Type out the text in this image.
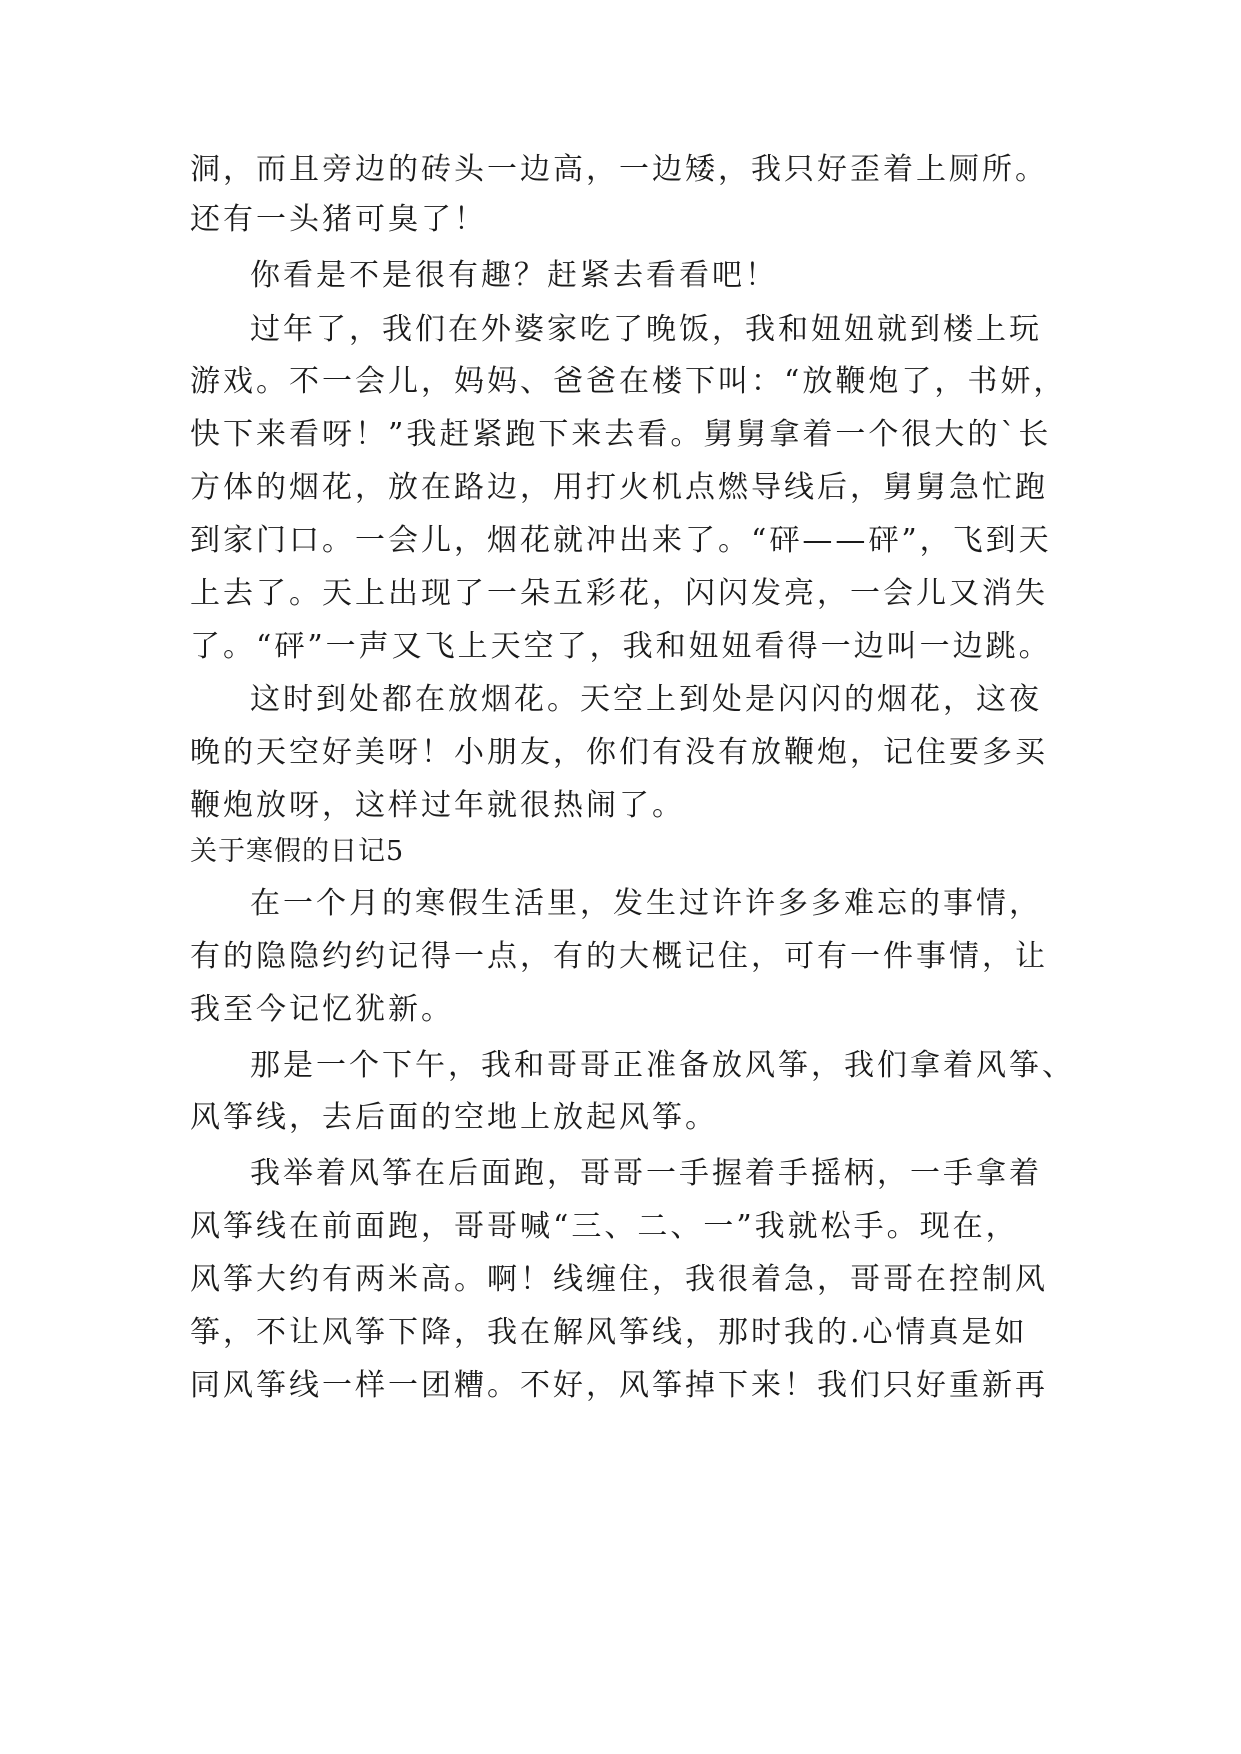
洞，而且旁边的砖头一边高，一边矮，我只好歪着上厕所。
还有一头猪可臭了！
你看是不是很有趣？赶紧去看看吧！
过年了，我们在外婆家吃了晚饭，我和妞妞就到楼上玩
游戏。不一会儿，妈妈、爸爸在楼下叫：“放鞭炮了，书妍，
快下来看呀！”我赶紧跑下来去看。舅舅拿着一个很大的`长
方体的烟花，放在路边，用打火机点燃导线后，舅舅急忙跑
到家门口。一会儿，烟花就冲出来了。“砰——砰”，飞到天
上去了。天上出现了一朵五彩花，闪闪发亮，一会儿又消失
了。“砰”一声又飞上天空了，我和妞妞看得一边叫一边跳。
这时到处都在放烟花。天空上到处是闪闪的烟花，这夜
晚的天空好美呀！小朋友，你们有没有放鞭炮，记住要多买
鞭炮放呀，这样过年就很热闹了。
关于寒假的日记5
在一个月的寒假生活里，发生过许许多多难忘的事情，
有的隐隐约约记得一点，有的大概记住，可有一件事情，让
我至今记忆犹新。
那是一个下午，我和哥哥正准备放风筝，我们拿着风筝、
风筝线，去后面的空地上放起风筝。
我举着风筝在后面跑，哥哥一手握着手摇柄，一手拿着
风筝线在前面跑，哥哥喊“三、二、一”我就松手。现在，
风筝大约有两米高。啊！线缠住，我很着急，哥哥在控制风
筝，不让风筝下降，我在解风筝线，那时我的.心情真是如
同风筝线一样一团糟。不好，风筝掉下来！我们只好重新再
